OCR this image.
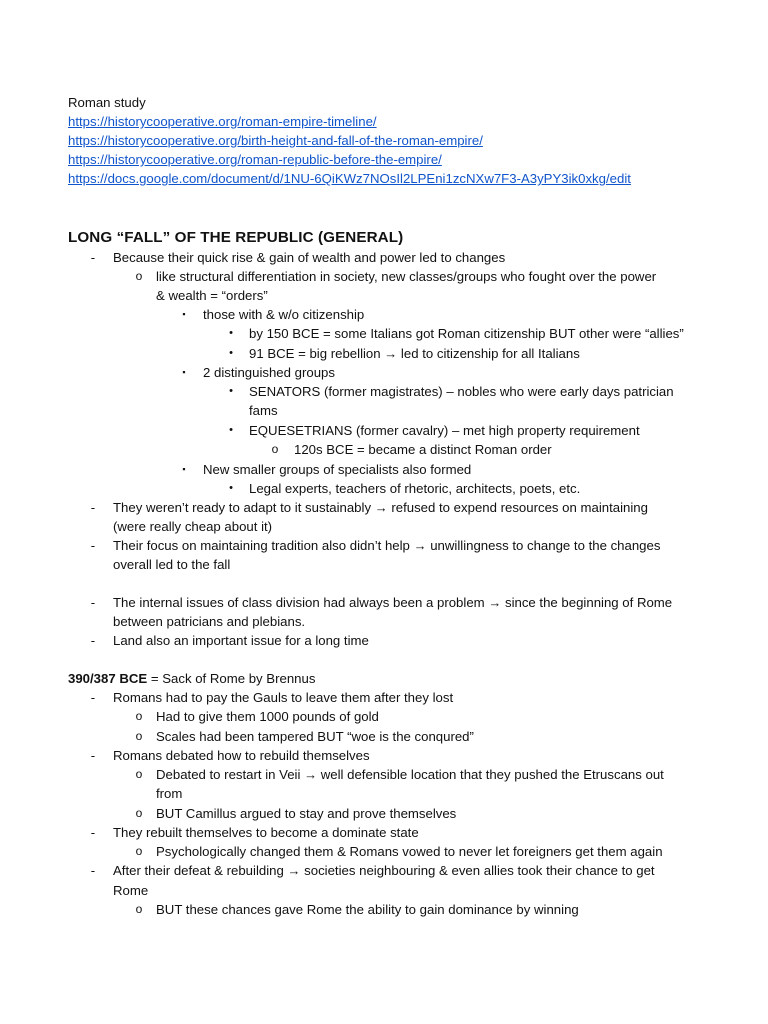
Roman study
https://historycooperative.org/roman-empire-timeline/
https://historycooperative.org/birth-height-and-fall-of-the-roman-empire/
https://historycooperative.org/roman-republic-before-the-empire/
https://docs.google.com/document/d/1NU-6QiKWz7NOsIl2LPEni1zcNXw7F3-A3yPY3ik0xkg/edit
LONG “FALL” OF THE REPUBLIC (GENERAL)
- Because their quick rise & gain of wealth and power led to changes
o like structural differentiation in society, new classes/groups who fought over the power
& wealth = “orders”
▪ those with & w/o citizenship
• by 150 BCE = some Italians got Roman citizenship BUT other were “allies”
• 91 BCE = big rebellion → led to citizenship for all Italians
▪ 2 distinguished groups
• SENATORS (former magistrates) – nobles who were early days patrician
fams
• EQUESETRIANS (former cavalry) – met high property requirement
o 120s BCE = became a distinct Roman order
▪ New smaller groups of specialists also formed
• Legal experts, teachers of rhetoric, architects, poets, etc.
- They weren’t ready to adapt to it sustainably → refused to expend resources on maintaining
(were really cheap about it)
- Their focus on maintaining tradition also didn’t help → unwillingness to change to the changes
overall led to the fall
- The internal issues of class division had always been a problem → since the beginning of Rome
between patricians and plebians.
- Land also an important issue for a long time
390/387 BCE = Sack of Rome by Brennus
- Romans had to pay the Gauls to leave them after they lost
o Had to give them 1000 pounds of gold
o Scales had been tampered BUT “woe is the conqured”
- Romans debated how to rebuild themselves
o Debated to restart in Veii → well defensible location that they pushed the Etruscans out
from
o BUT Camillus argued to stay and prove themselves
- They rebuilt themselves to become a dominate state
o Psychologically changed them & Romans vowed to never let foreigners get them again
- After their defeat & rebuilding → societies neighbouring & even allies took their chance to get
Rome
o BUT these chances gave Rome the ability to gain dominance by winning
